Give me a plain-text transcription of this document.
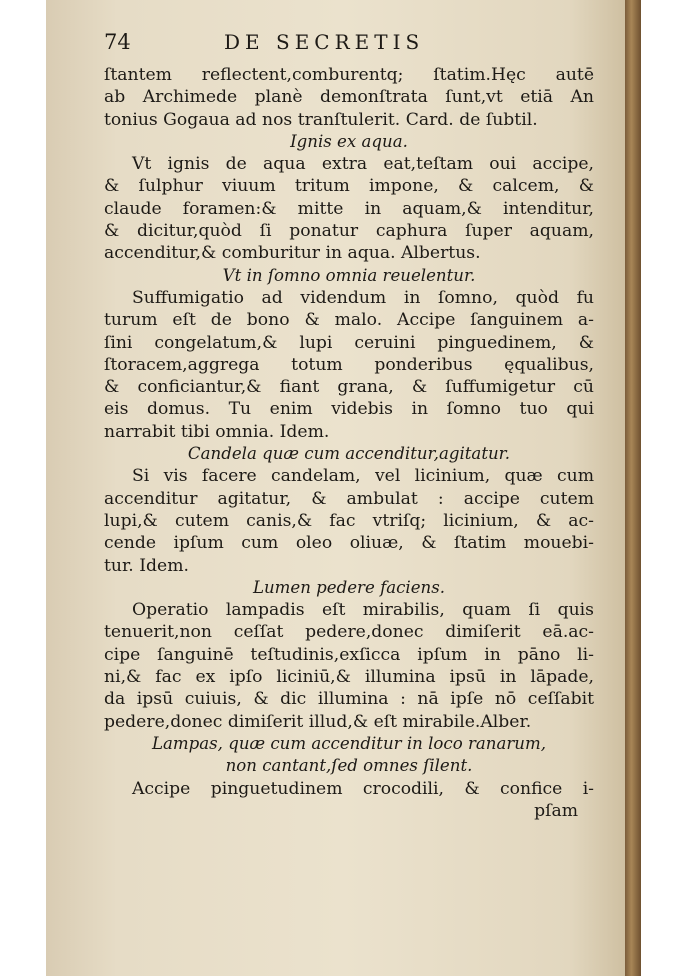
74	DE SECRETIS
ſtantem reflectent,comburentq; ſtatim.Hęc autē
ab Archimede planè demonſtrata ſunt,vt etiā An
tonius Gogaua ad nos tranſtulerit. Card. de ſubtil.
Ignis ex aqua.
Vt ignis de aqua extra eat,teſtam oui accipe,
& ſulphur viuum tritum impone, & calcem, &
claude foramen:& mitte in aquam,& intenditur,
& dicitur,quòd ſi ponatur caphura ſuper aquam,
accenditur,& comburitur in aqua. Albertus.
Vt in ſomno omnia reuelentur.
Suffumigatio ad videndum in ſomno, quòd fu
turum eſt de bono & malo. Accipe ſanguinem a-
ſini congelatum,& lupi ceruini pinguedinem, &
ſtoracem,aggrega totum ponderibus ęqualibus,
& conficiantur,& fiant grana, & ſuffumigetur cū
eis domus. Tu enim videbis in ſomno tuo qui
narrabit tibi omnia. Idem.
Candela quæ cum accenditur,agitatur.
Si vis facere candelam, vel licinium, quæ cum
accenditur agitatur, & ambulat : accipe cutem
lupi,& cutem canis,& fac vtriſq; licinium, & ac-
cende ipſum cum oleo oliuæ, & ſtatim mouebi-
tur. Idem.
Lumen pedere faciens.
Operatio lampadis eſt mirabilis, quam ſi quis
tenuerit,non ceſſat pedere,donec dimiſerit eā.ac-
cipe ſanguinē teſtudinis,exſicca ipſum in pāno li-
ni,& fac ex ipſo liciniū,& illumina ipsū in lāpade,
da ipsū cuiuis, & dic illumina : nā ipſe nō ceſſabit
pedere,donec dimiſerit illud,& eſt mirabile.Alber.
Lampas, quæ cum accenditur in loco ranarum,
non cantant,ſed omnes ſilent.
Accipe pinguetudinem crocodili, & confice i-
pſam
